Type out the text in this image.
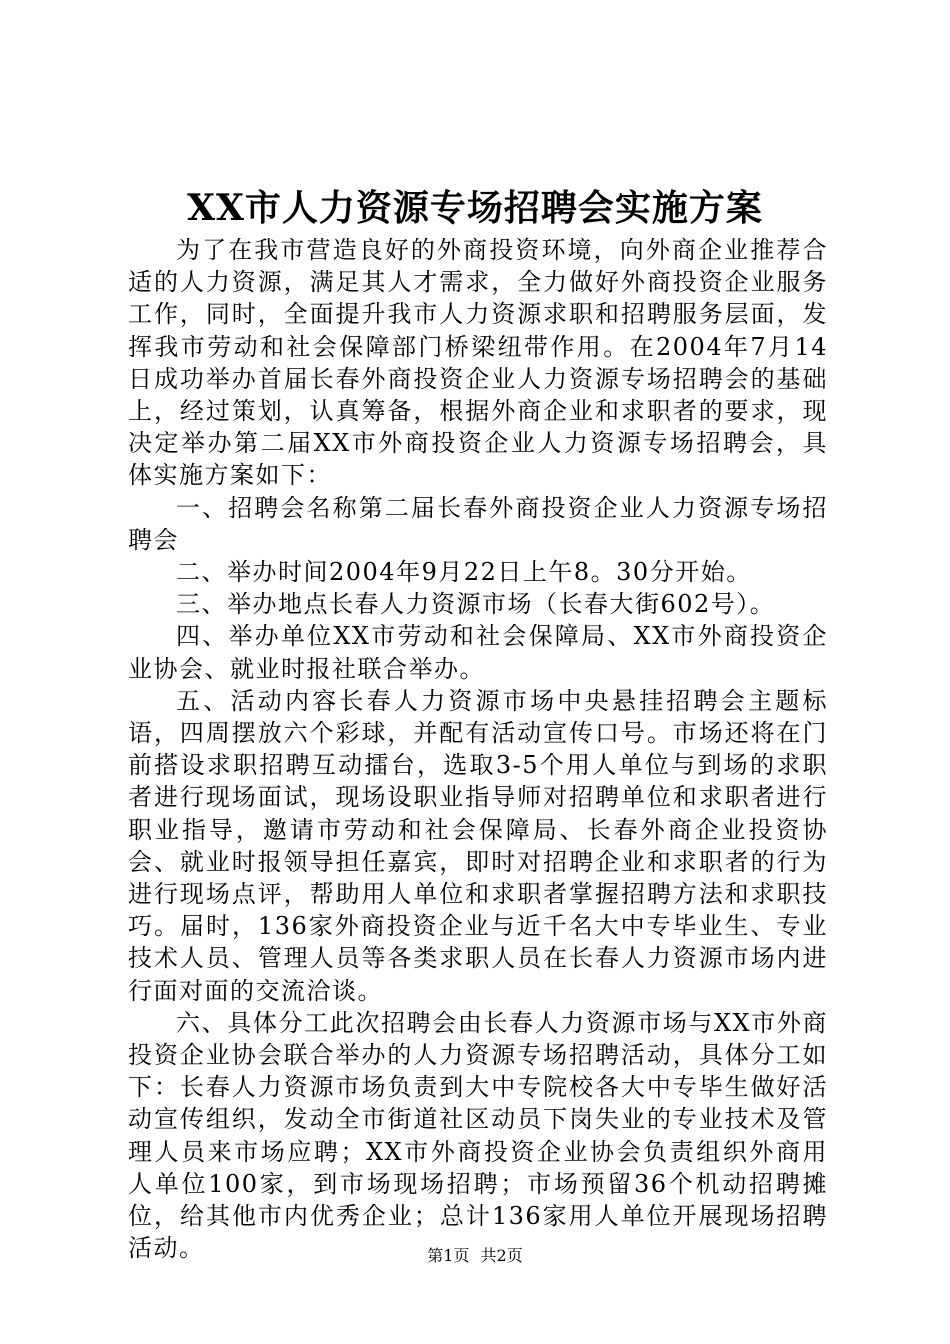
XX市人力资源专场招聘会实施方案

为了在我市营造良好的外商投资环境，向外商企业推荐合适的人力资源，满足其人才需求，全力做好外商投资企业服务工作，同时，全面提升我市人力资源求职和招聘服务层面，发挥我市劳动和社会保障部门桥梁纽带作用。在2004年7月14日成功举办首届长春外商投资企业人力资源专场招聘会的基础上，经过策划，认真筹备，根据外商企业和求职者的要求，现决定举办第二届XX市外商投资企业人力资源专场招聘会，具体实施方案如下：

一、招聘会名称第二届长春外商投资企业人力资源专场招聘会

二、举办时间2004年9月22日上午8。30分开始。

三、举办地点长春人力资源市场（长春大街602号）。

四、举办单位XX市劳动和社会保障局、XX市外商投资企业协会、就业时报社联合举办。

五、活动内容长春人力资源市场中央悬挂招聘会主题标语，四周摆放六个彩球，并配有活动宣传口号。市场还将在门前搭设求职招聘互动擂台，选取3-5个用人单位与到场的求职者进行现场面试，现场设职业指导师对招聘单位和求职者进行职业指导，邀请市劳动和社会保障局、长春外商企业投资协会、就业时报领导担任嘉宾，即时对招聘企业和求职者的行为进行现场点评，帮助用人单位和求职者掌握招聘方法和求职技巧。届时，136家外商投资企业与近千名大中专毕业生、专业技术人员、管理人员等各类求职人员在长春人力资源市场内进行面对面的交流洽谈。

六、具体分工此次招聘会由长春人力资源市场与XX市外商投资企业协会联合举办的人力资源专场招聘活动，具体分工如下：长春人力资源市场负责到大中专院校各大中专毕生做好活动宣传组织，发动全市街道社区动员下岗失业的专业技术及管理人员来市场应聘；XX市外商投资企业协会负责组织外商用人单位100家，到市场现场招聘；市场预留36个机动招聘摊位，给其他市内优秀企业；总计136家用人单位开展现场招聘活动。	第1页 共2页
